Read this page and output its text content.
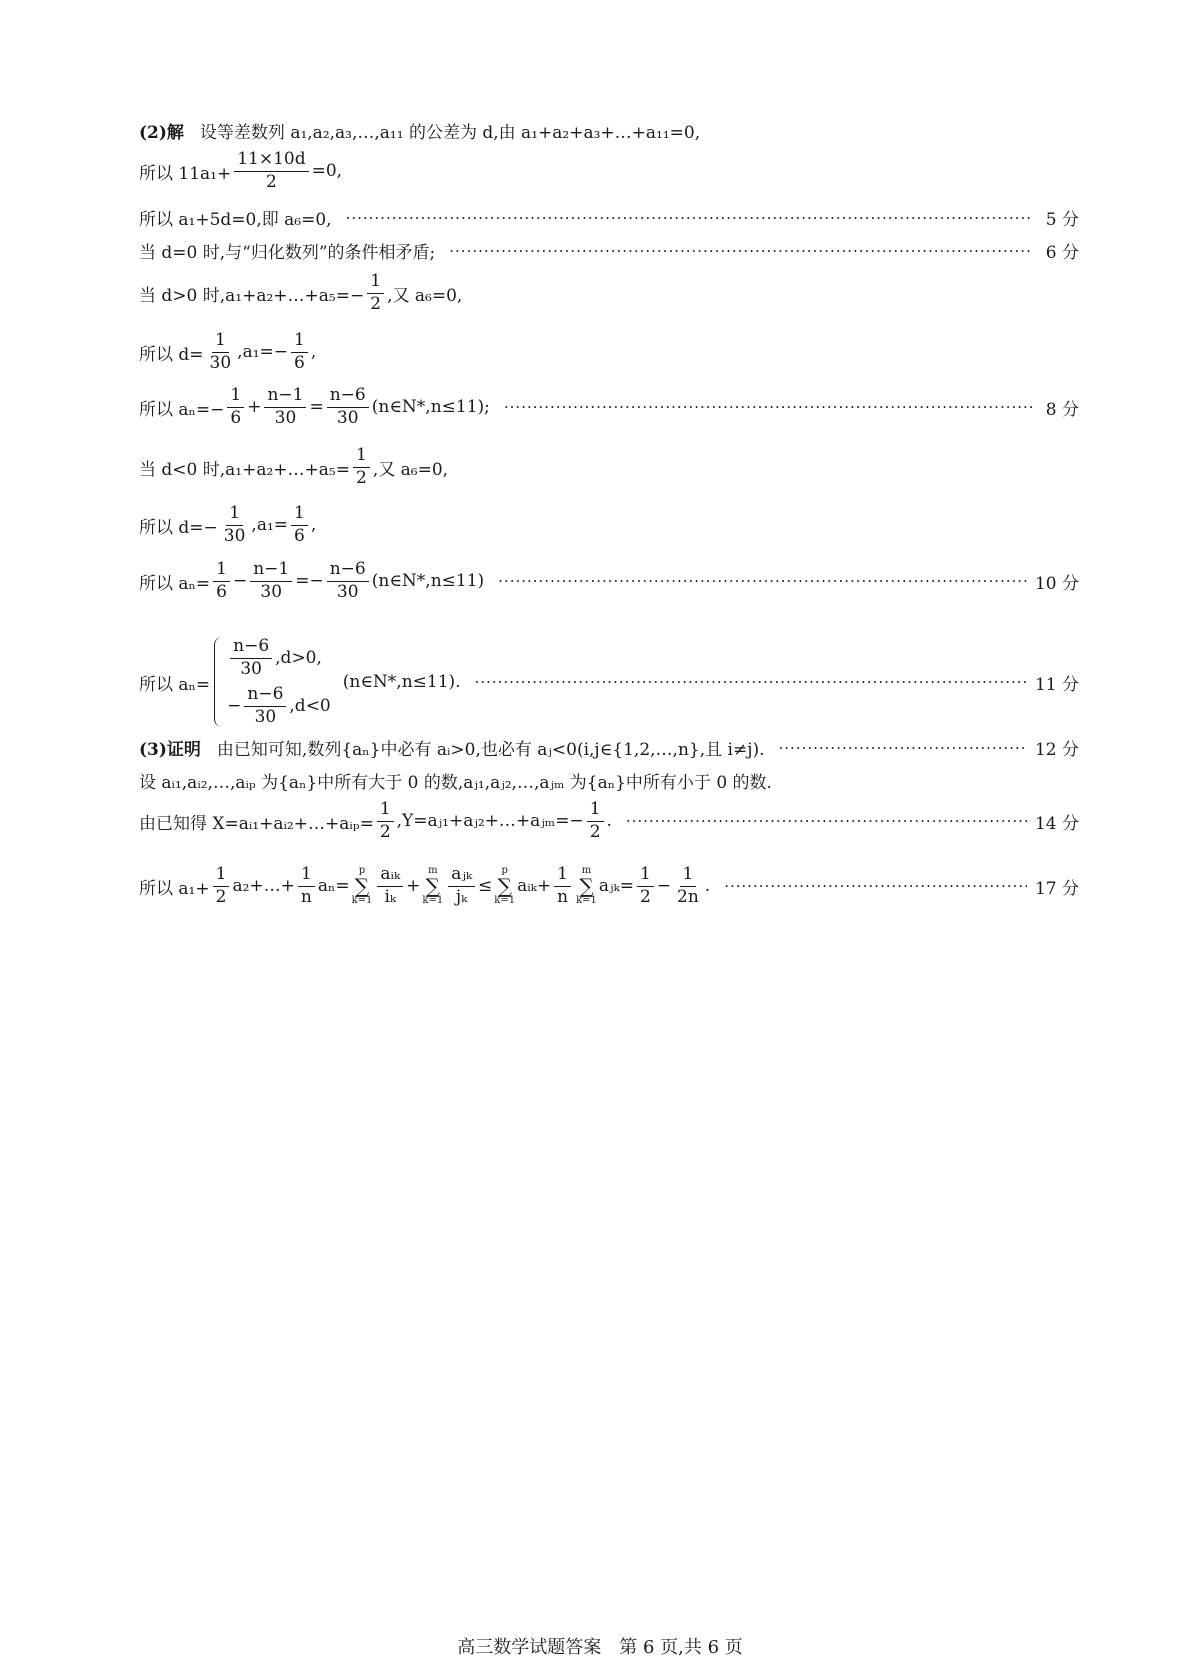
(2)解 设等差数列 a₁,a₂,a₃,…,a₁₁ 的公差为 d,由 a₁+a₂+a₃+…+a₁₁=0,
所以 $11a_1+ \frac{11\times 10d}{2} =0$,
所以 a₁+5d=0,即 a₆=0, ·····	5 分
当 d=0 时,与“归化数列”的条件相矛盾; ·····	6 分
当 d>0 时,a₁+a₂+…+a₅=− $\frac{1}{2}$ ,又 a₆=0,
所以 $d= \frac{1}{30} ,a_1=- \frac{1}{6}$ ,
所以 $a_n=- \frac{1}{6} + \frac{n-1}{30} = \frac{n-6}{30}$ (n∈N*,n≤11); ·····	8 分
当 d<0 时,a₁+a₂+…+a₅= $\frac{1}{2}$ ,又 a₆=0,
所以 $d=- \frac{1}{30} ,a_1= \frac{1}{6}$ ,
所以 $a_n= \frac{1}{6} - \frac{n-1}{30} =- \frac{n-6}{30}$ (n∈N*,n≤11) ·····	10 分
所以 aₙ=
$\frac{n-6}{30} ,d>0$,
− $\frac{n-6}{30} ,d<0$
(n∈N*,n≤11). ·····	11 分
(3)证明 由已知可知,数列{aₙ}中必有 aᵢ>0,也必有 aⱼ<0(i,j∈{1,2,…,n},且 i≠j). ·····	12 分
设 aᵢ₁,aᵢ₂,…,aᵢₚ 为{aₙ}中所有大于 0 的数,aⱼ₁,aⱼ₂,…,aⱼₘ 为{aₙ}中所有小于 0 的数.
由已知得 X=aᵢ₁+aᵢ₂+…+aᵢₚ= $\frac{1}{2}$ ,Y=aⱼ₁+aⱼ₂+…+aⱼₘ=− $\frac{1}{2}$ . ·····	14 分
所以 $a_1+ \frac{1}{2}$ a₂+…+ $\frac{1}{n} a_n=$
p
∑
$k=1 \frac{\text{aᵢₖ}}{\text{iₖ}}$ +
m
∑
$k=1 \frac{\text{aⱼₖ}}{\text{jₖ}}$ ≤
p
∑
k=1
aᵢₖ+ $\frac{1}{n}$ m
∑
k=1
aⱼₖ= $\frac{1}{2} - \frac{1}{2n}$ . ·····	17 分
高三数学试题答案　第 6 页,共 6 页
